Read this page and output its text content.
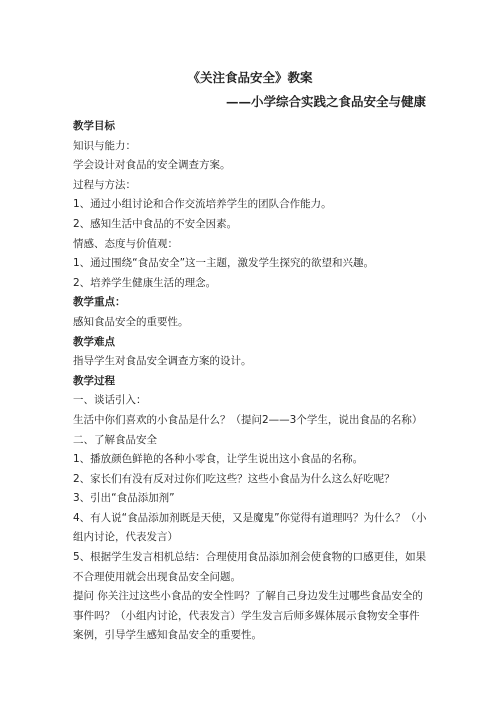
《关注食品安全》教案
——小学综合实践之食品安全与健康

教学目标

知识与能力：

学会设计对食品的安全调查方案。

过程与方法：

1、通过小组讨论和合作交流培养学生的团队合作能力。

2、感知生活中食品的不安全因素。

情感、态度与价值观：

1、通过围绕“食品安全”这一主题，激发学生探究的欲望和兴趣。

2、培养学生健康生活的理念。

教学重点：

感知食品安全的重要性。

教学难点

指导学生对食品安全调查方案的设计。

教学过程

一、谈话引入：

生活中你们喜欢的小食品是什么？（提问2——3个学生，说出食品的名称）

二、了解食品安全

1、播放颜色鲜艳的各种小零食，让学生说出这小食品的名称。

2、家长们有没有反对过你们吃这些？这些小食品为什么这么好吃呢？

3、引出“食品添加剂”

4、有人说“食品添加剂既是天使，又是魔鬼”你觉得有道理吗？为什么？（小组内讨论，代表发言）

5、根据学生发言相机总结：合理使用食品添加剂会使食物的口感更佳，如果不合理使用就会出现食品安全问题。

提问 你关注过这些小食品的安全性吗？了解自己身边发生过哪些食品安全的事件吗？（小组内讨论，代表发言）学生发言后师多媒体展示食物安全事件案例，引导学生感知食品安全的重要性。
